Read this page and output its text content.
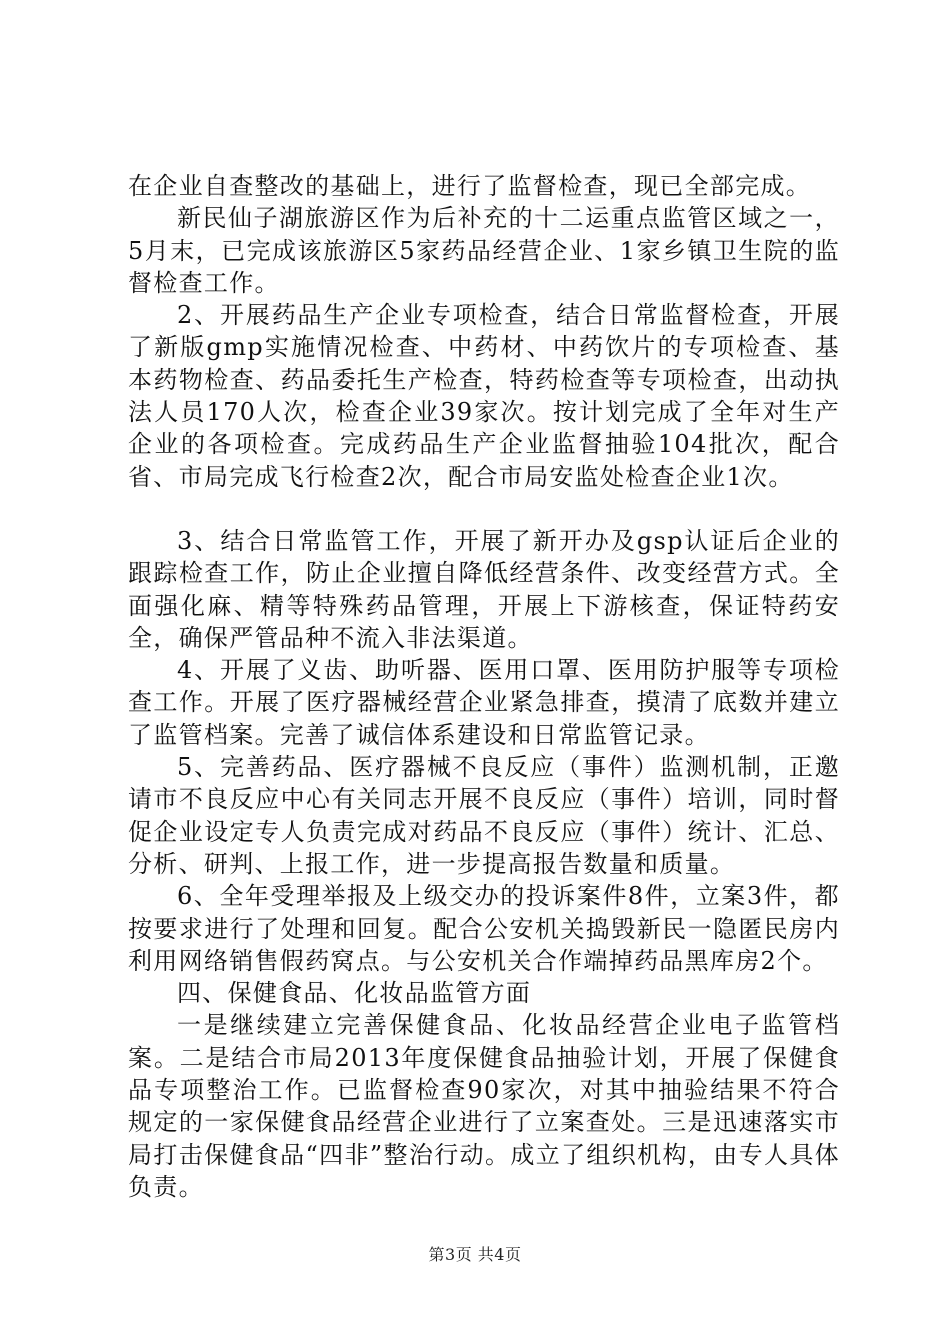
在企业自查整改的基础上，进行了监督检查，现已全部完成。

新民仙子湖旅游区作为后补充的十二运重点监管区域之一，5月末，已完成该旅游区5家药品经营企业、1家乡镇卫生院的监督检查工作。

2、开展药品生产企业专项检查，结合日常监督检查，开展了新版gmp实施情况检查、中药材、中药饮片的专项检查、基本药物检查、药品委托生产检查，特药检查等专项检查，出动执法人员170人次，检查企业39家次。按计划完成了全年对生产企业的各项检查。完成药品生产企业监督抽验104批次，配合省、市局完成飞行检查2次，配合市局安监处检查企业1次。

3、结合日常监管工作，开展了新开办及gsp认证后企业的跟踪检查工作，防止企业擅自降低经营条件、改变经营方式。全面强化麻、精等特殊药品管理，开展上下游核查，保证特药安全，确保严管品种不流入非法渠道。

4、开展了义齿、助听器、医用口罩、医用防护服等专项检查工作。开展了医疗器械经营企业紧急排查，摸清了底数并建立了监管档案。完善了诚信体系建设和日常监管记录。

5、完善药品、医疗器械不良反应（事件）监测机制，正邀请市不良反应中心有关同志开展不良反应（事件）培训，同时督促企业设定专人负责完成对药品不良反应（事件）统计、汇总、分析、研判、上报工作，进一步提高报告数量和质量。

6、全年受理举报及上级交办的投诉案件8件，立案3件，都按要求进行了处理和回复。配合公安机关捣毁新民一隐匿民房内利用网络销售假药窝点。与公安机关合作端掉药品黑库房2个。

四、保健食品、化妆品监管方面

一是继续建立完善保健食品、化妆品经营企业电子监管档案。二是结合市局2013年度保健食品抽验计划，开展了保健食品专项整治工作。已监督检查90家次，对其中抽验结果不符合规定的一家保健食品经营企业进行了立案查处。三是迅速落实市局打击保健食品“四非”整治行动。成立了组织机构，由专人具体负责。

第3页 共4页
